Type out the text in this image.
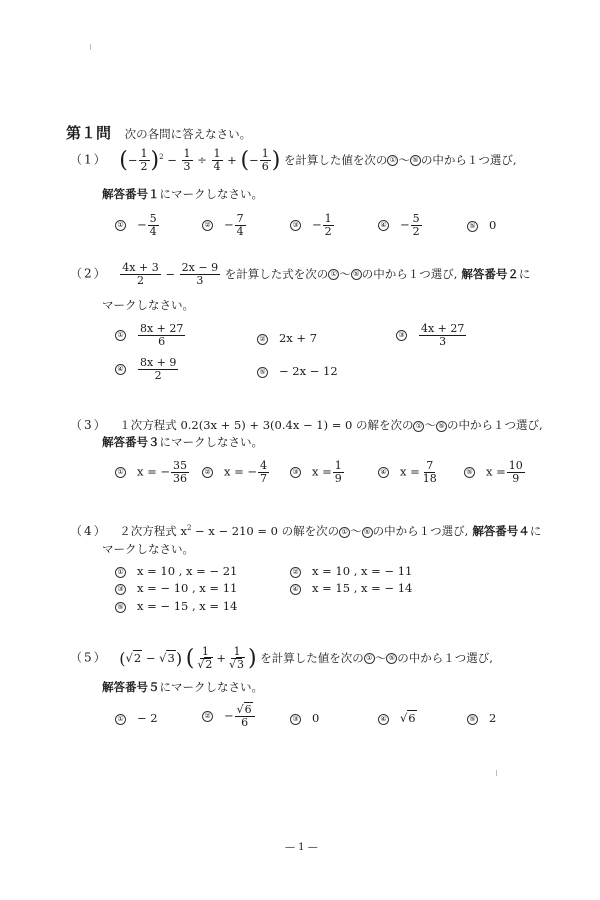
第１問 次の各問に答えなさい。
（1） (− $\frac{1}{2} )^2 - \frac{1}{3} \div \frac{1}{4}$ + (− $\frac{1}{6}$ ) を計算した値を次の ① 〜 ⑤ の中から１つ選び,
解答番号１にマークしなさい。
① − $\frac{5}{4}$	② − $\frac{7}{4}$	③ − $\frac{1}{2}$	④ − $\frac{5}{2}$	⑤ 0
$(2) \frac{4x + 3}{2} - \frac{2x - 9}{3}$ を計算した式を次の ① 〜 ⑤ の中から１つ選び, 解答番号２に
マークしなさい。
① $\frac{8x + 27}{6}$	② 2x + 7	③ $\frac{4x + 27}{3}$
④ $\frac{8x + 9}{2}$	⑤ − 2x − 12
（3） １次方程式 0.2(3x + 5) + 3(0.4x − 1) = 0 の解を次の ① 〜 ⑤ の中から１つ選び,
解答番号３にマークしなさい。
① x = − $\frac{35}{36}$	② x = − $\frac{4}{7}$	③ $x = \frac{1}{9}$	④ $x = \frac{7}{18}$	⑤ $x = \frac{10}{9}$
（4） ２次方程式 $x^2 - x - 210 = 0$ の解を次の ① 〜 ⑤ の中から１つ選び, 解答番号４に
マークしなさい。
① x = 10 , x = − 21	② x = 10 , x = − 11
③ x = − 10 , x = 11	④ x = 15 , x = − 14
⑤ x = − 15 , x = 14
（5） (√2 − √3) ( $\frac{1}{√2} + \frac{1}{√3}$ ) を計算した値を次の ① 〜 ⑤ の中から１つ選び,
解答番号５にマークしなさい。
① − 2	② − $\frac{√6}{6}$	③ 0	④ √6	⑤ 2
— 1 —
